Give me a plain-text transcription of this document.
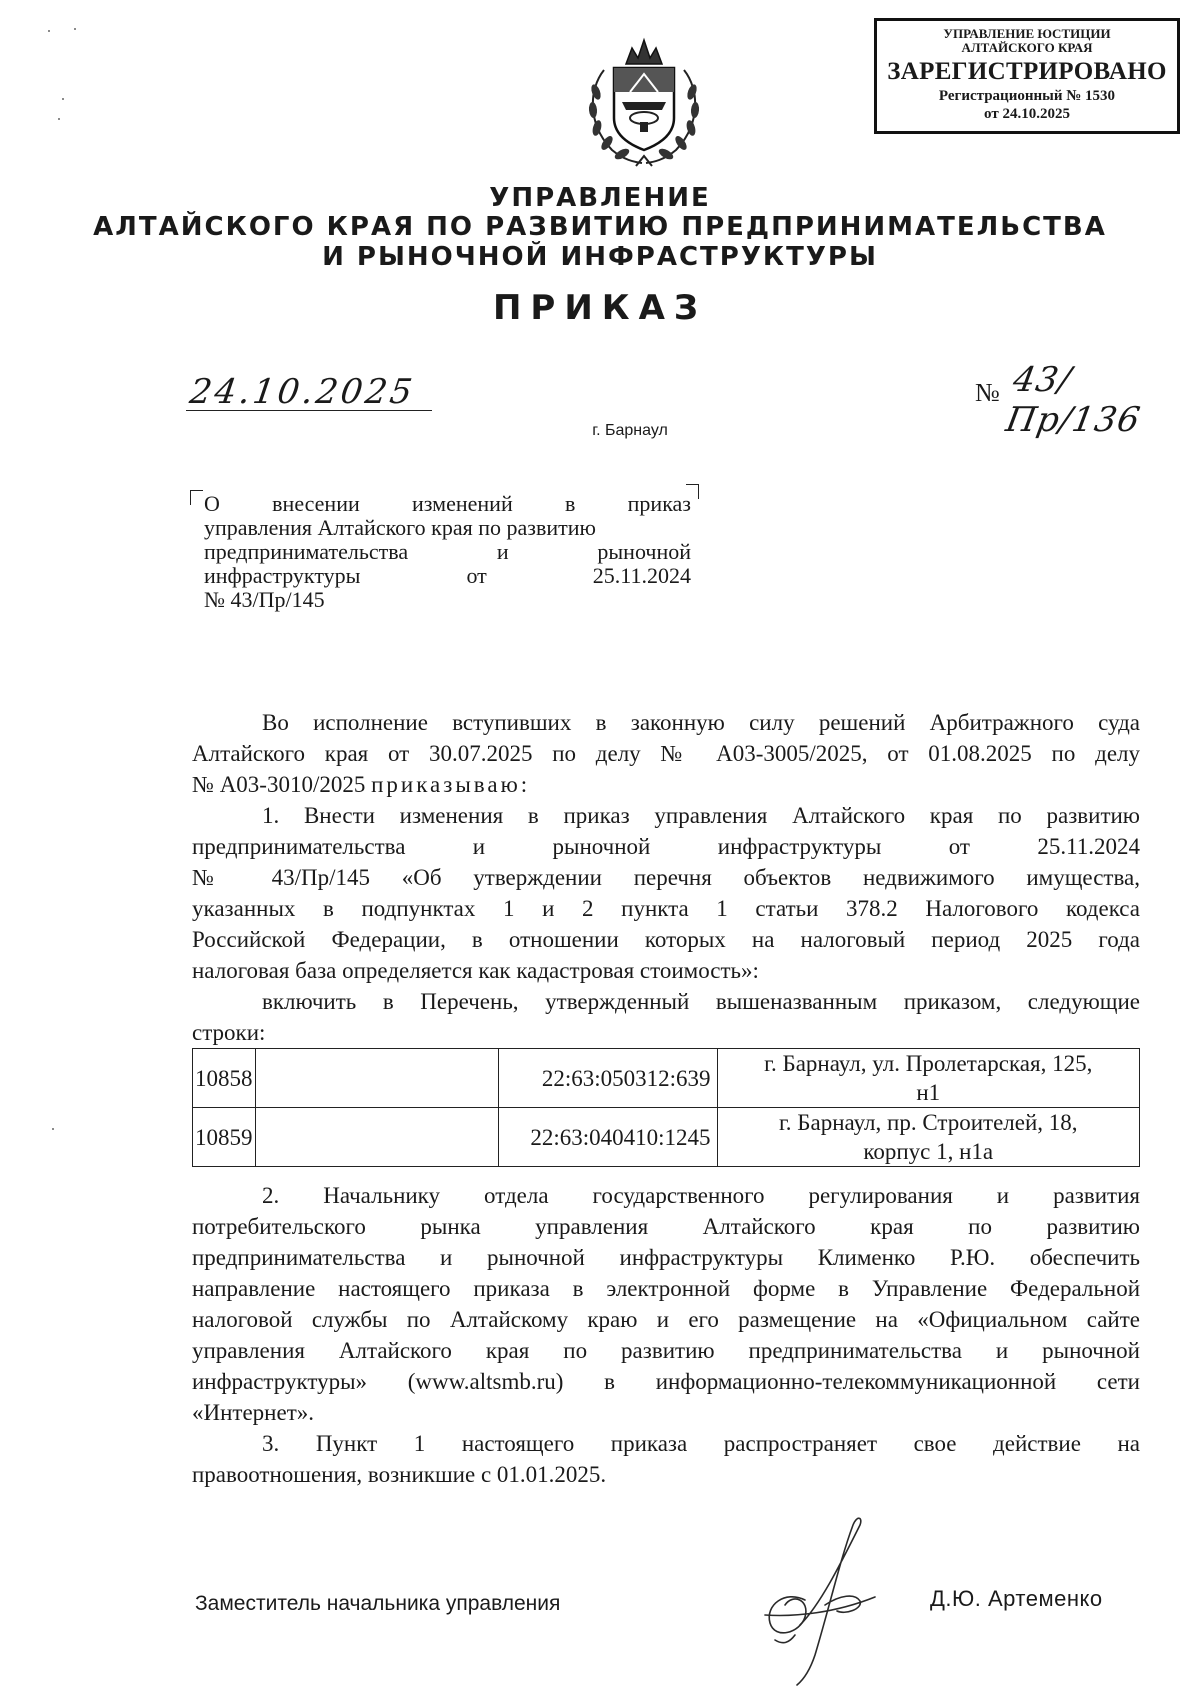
УПРАВЛЕНИЕ ЮСТИЦИИ
АЛТАЙСКОГО КРАЯ
ЗАРЕГИСТРИРОВАНО
Регистрационный № 1530
от 24.10.2025
УПРАВЛЕНИЕ
АЛТАЙСКОГО КРАЯ ПО РАЗВИТИЮ ПРЕДПРИНИМАТЕЛЬСТВА
И РЫНОЧНОЙ ИНФРАСТРУКТУРЫ
ПРИКАЗ
24.10.2025	№ 43/Пр/136
г. Барнаул
О внесении изменений в приказ
управления Алтайского края по развитию
предпринимательства	и	рыночной
инфраструктуры	от	25.11.2024
№ 43/Пр/145
Во исполнение вступивших в законную силу решений Арбитражного суда
Алтайского края от 30.07.2025 по делу № А03-3005/2025, от 01.08.2025 по делу
№ А03-3010/2025 приказываю:
1. Внести изменения в приказ управления Алтайского края по развитию
предпринимательства    и    рыночной    инфраструктуры    от    25.11.2024
№ 43/Пр/145 «Об утверждении перечня объектов недвижимого имущества,
указанных в подпунктах 1 и 2 пункта 1 статьи 378.2 Налогового кодекса
Российской Федерации, в отношении которых на налоговый период 2025 года
налоговая база определяется как кадастровая стоимость»:
включить в Перечень, утвержденный вышеназванным приказом, следующие
строки:
10858		22:63:050312:639	г. Барнаул, ул. Пролетарская, 125,
н1

10859		22:63:040410:1245	г. Барнаул, пр. Строителей, 18,
корпус 1, н1а
2. Начальнику отдела государственного регулирования и развития
потребительского рынка управления Алтайского края по развитию
предпринимательства и рыночной инфраструктуры Клименко Р.Ю. обеспечить
направление настоящего приказа в электронной форме в Управление Федеральной
налоговой службы по Алтайскому краю и его размещение на «Официальном сайте
управления Алтайского края по развитию предпринимательства и рыночной
инфраструктуры» (www.altsmb.ru) в информационно-телекоммуникационной сети
«Интернет».
3. Пункт 1 настоящего приказа распространяет свое действие на
правоотношения, возникшие с 01.01.2025.
Заместитель начальника управления	Д.Ю. Артеменко
